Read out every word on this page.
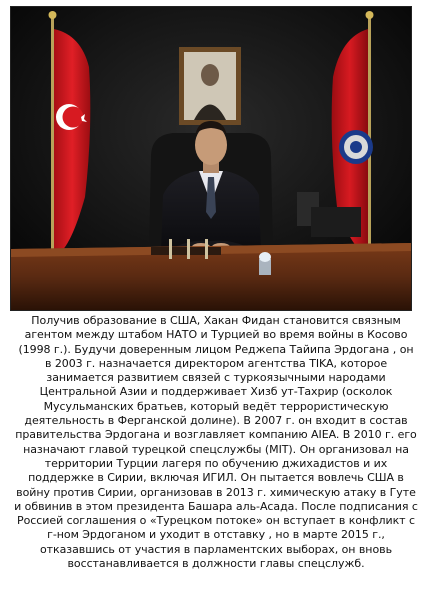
Получив образование в США, Хакан Фидан становится связным агентом между штабом НАТО и Турцией во время войны в Косово (1998 г.). Будучи доверенным лицом Реджепа Тайипа Эрдогана , он в 2003 г. назначается директором агентства TIKA, которое занимается развитием связей с туркоязычными народами Центральной Азии и поддерживает Хизб ут-Тахрир (осколок Мусульманских братьев, который ведёт террористическую деятельность в Ферганской долине). В 2007 г. он входит в состав правительства Эрдогана и возглавляет компанию AIEA. В 2010 г. его назначают главой турецкой спецслужбы (MIT). Он организовал на территории Турции лагеря по обучению джихадистов и их поддержке в Сирии, включая ИГИЛ. Он пытается вовлечь США в войну против Сирии, организовав в 2013 г. химическую атаку в Гуте и обвинив в этом президента Башара аль-Асада. После подписания с Россией соглашения о «Турецком потоке» он вступает в конфликт с г-ном Эрдоганом и уходит в отставку , но в марте 2015 г., отказавшись от участия в парламентских выборах, он вновь восстанавливается в должности главы спецслужб.
